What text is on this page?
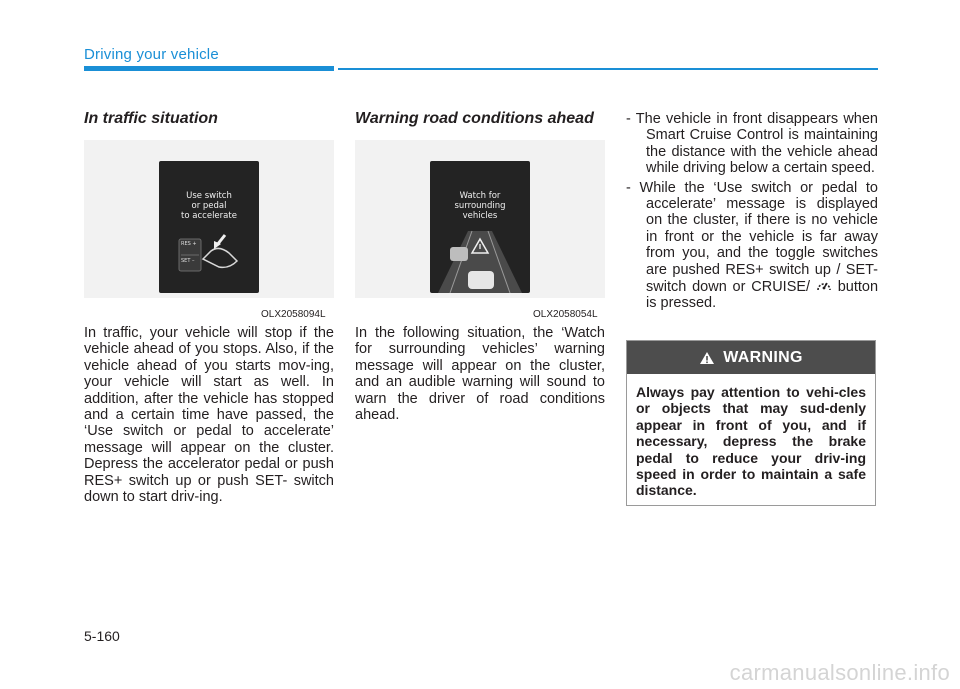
Driving your vehicle
In traffic situation
Use switch
or pedal
to accelerate
RES +
SET –
OLX2058094L
In traffic, your vehicle will stop if the vehicle ahead of you stops. Also, if the vehicle ahead of you starts mov-ing, your vehicle will start as well. In addition, after the vehicle has stopped and a certain time have passed, the ‘Use switch or pedal to accelerate’ message will appear on the cluster. Depress the accelerator pedal or push RES+ switch up or push SET- switch down to start driv-ing.
Warning road conditions ahead
Watch for
surrounding
vehicles
OLX2058054L
In the following situation, the ‘Watch for surrounding vehicles’ warning message will appear on the cluster, and an audible warning will sound to warn the driver of road conditions ahead.
- The vehicle in front disappears when Smart Cruise Control is maintaining the distance with the vehicle ahead while driving below a certain speed.
- While the ‘Use switch or pedal to accelerate’ message is displayed on the cluster, if there is no vehicle in front or the vehicle is far away from you, and the toggle switches are pushed RES+ switch up / SET- switch down or CRUISE/  button is pressed.
WARNING
Always pay attention to vehi-cles or objects that may sud-denly appear in front of you, and if necessary, depress the brake pedal to reduce your driv-ing speed in order to maintain a safe distance.
5-160
carmanualsonline.info
